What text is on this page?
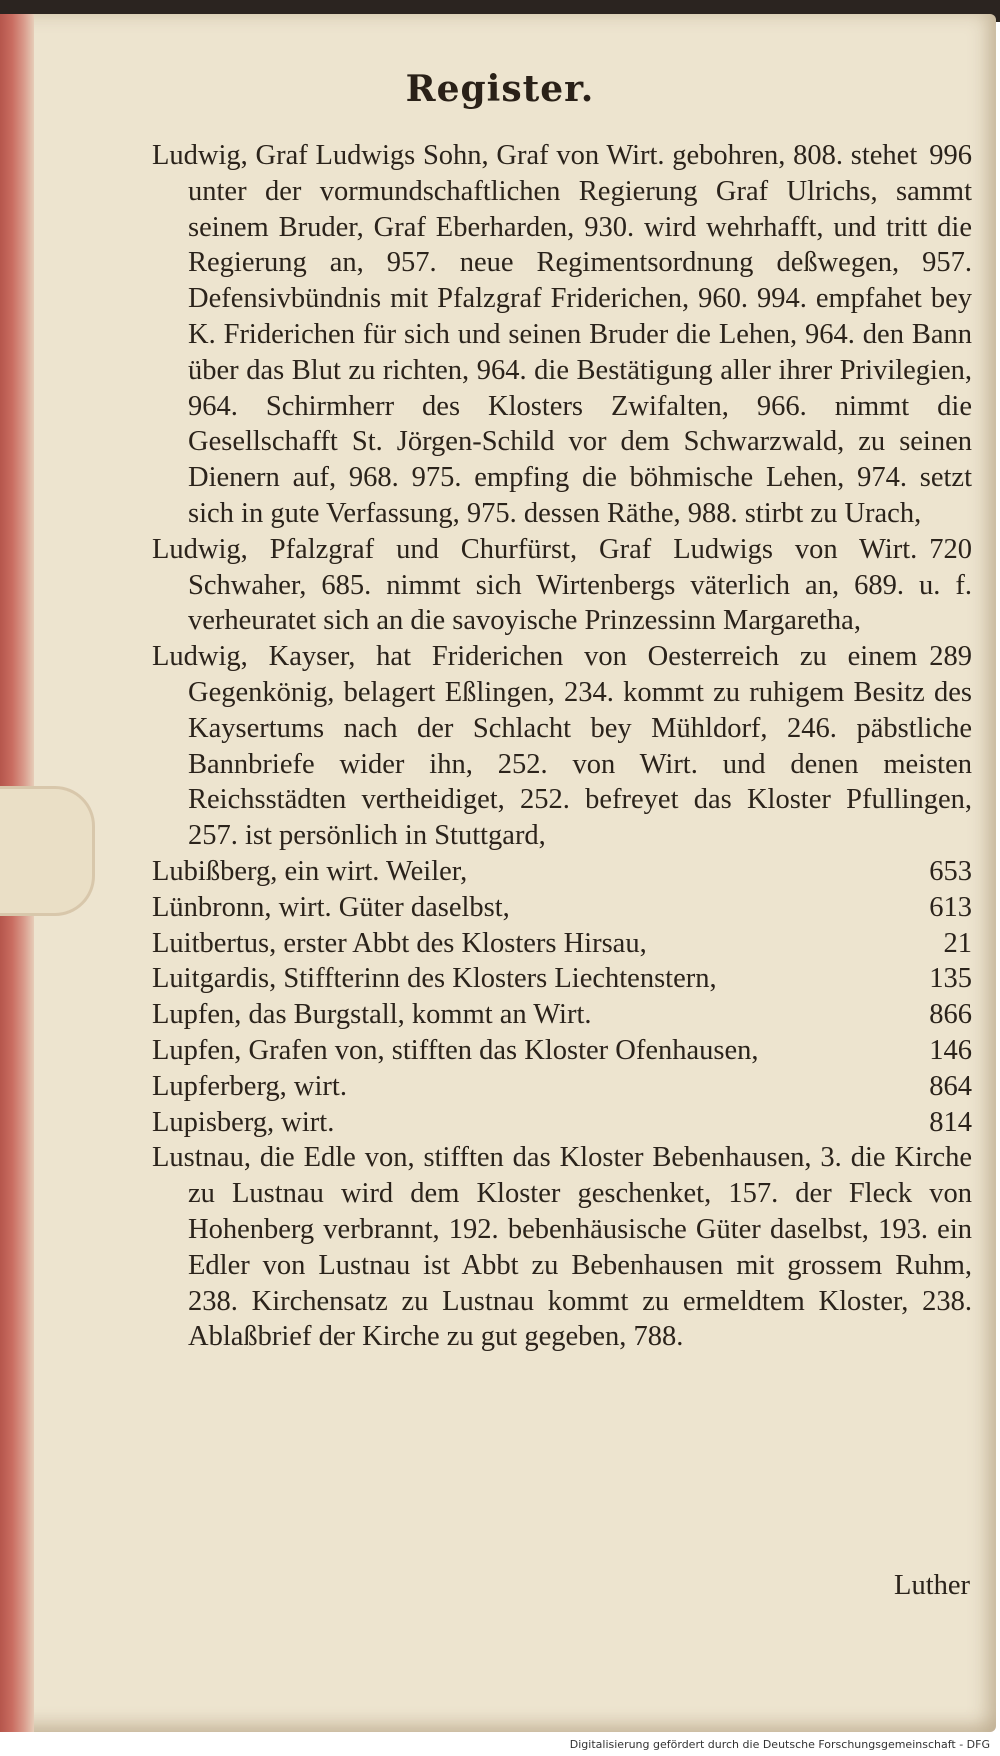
Register.
996
Ludwig, Graf Ludwigs Sohn, Graf von Wirt. gebohren, 808. stehet unter der vormundschaftlichen Regierung Graf Ulrichs, sammt seinem Bruder, Graf Eberharden, 930. wird wehrhafft, und tritt die Regierung an, 957. neue Regimentsordnung deßwegen, 957. Defensivbündnis mit Pfalzgraf Friderichen, 960. 994. empfahet bey K. Friderichen für sich und seinen Bruder die Lehen, 964. den Bann über das Blut zu richten, 964. die Bestätigung aller ihrer Privilegien, 964. Schirmherr des Klosters Zwifalten, 966. nimmt die Gesellschafft St. Jörgen-Schild vor dem Schwarzwald, zu seinen Dienern auf, 968. 975. empfing die böhmische Lehen, 974. setzt sich in gute Verfassung, 975. dessen Räthe, 988. stirbt zu Urach,
720
Ludwig, Pfalzgraf und Churfürst, Graf Ludwigs von Wirt. Schwaher, 685. nimmt sich Wirtenbergs väterlich an, 689. u. f. verheuratet sich an die savoyische Prinzessinn Margaretha,
289
Ludwig, Kayser, hat Friderichen von Oesterreich zu einem Gegenkönig, belagert Eßlingen, 234. kommt zu ruhigem Besitz des Kaysertums nach der Schlacht bey Mühldorf, 246. päbstliche Bannbriefe wider ihn, 252. von Wirt. und denen meisten Reichsstädten vertheidiget, 252. befreyet das Kloster Pfullingen, 257. ist persönlich in Stuttgard,
653
Lubißberg, ein wirt. Weiler,
613
Lünbronn, wirt. Güter daselbst,
21
Luitbertus, erster Abbt des Klosters Hirsau,
135
Luitgardis, Stiffterinn des Klosters Liechtenstern,
866
Lupfen, das Burgstall, kommt an Wirt.
146
Lupfen, Grafen von, stifften das Kloster Ofenhausen,
864
Lupferberg, wirt.
814
Lupisberg, wirt.
Lustnau, die Edle von, stifften das Kloster Bebenhausen, 3. die Kirche zu Lustnau wird dem Kloster geschenket, 157. der Fleck von Hohenberg verbrannt, 192. bebenhäusische Güter daselbst, 193. ein Edler von Lustnau ist Abbt zu Bebenhausen mit grossem Ruhm, 238. Kirchensatz zu Lustnau kommt zu ermeldtem Kloster, 238. Ablaßbrief der Kirche zu gut gegeben, 788.
Luther
Digitalisierung gefördert durch die Deutsche Forschungsgemeinschaft - DFG
